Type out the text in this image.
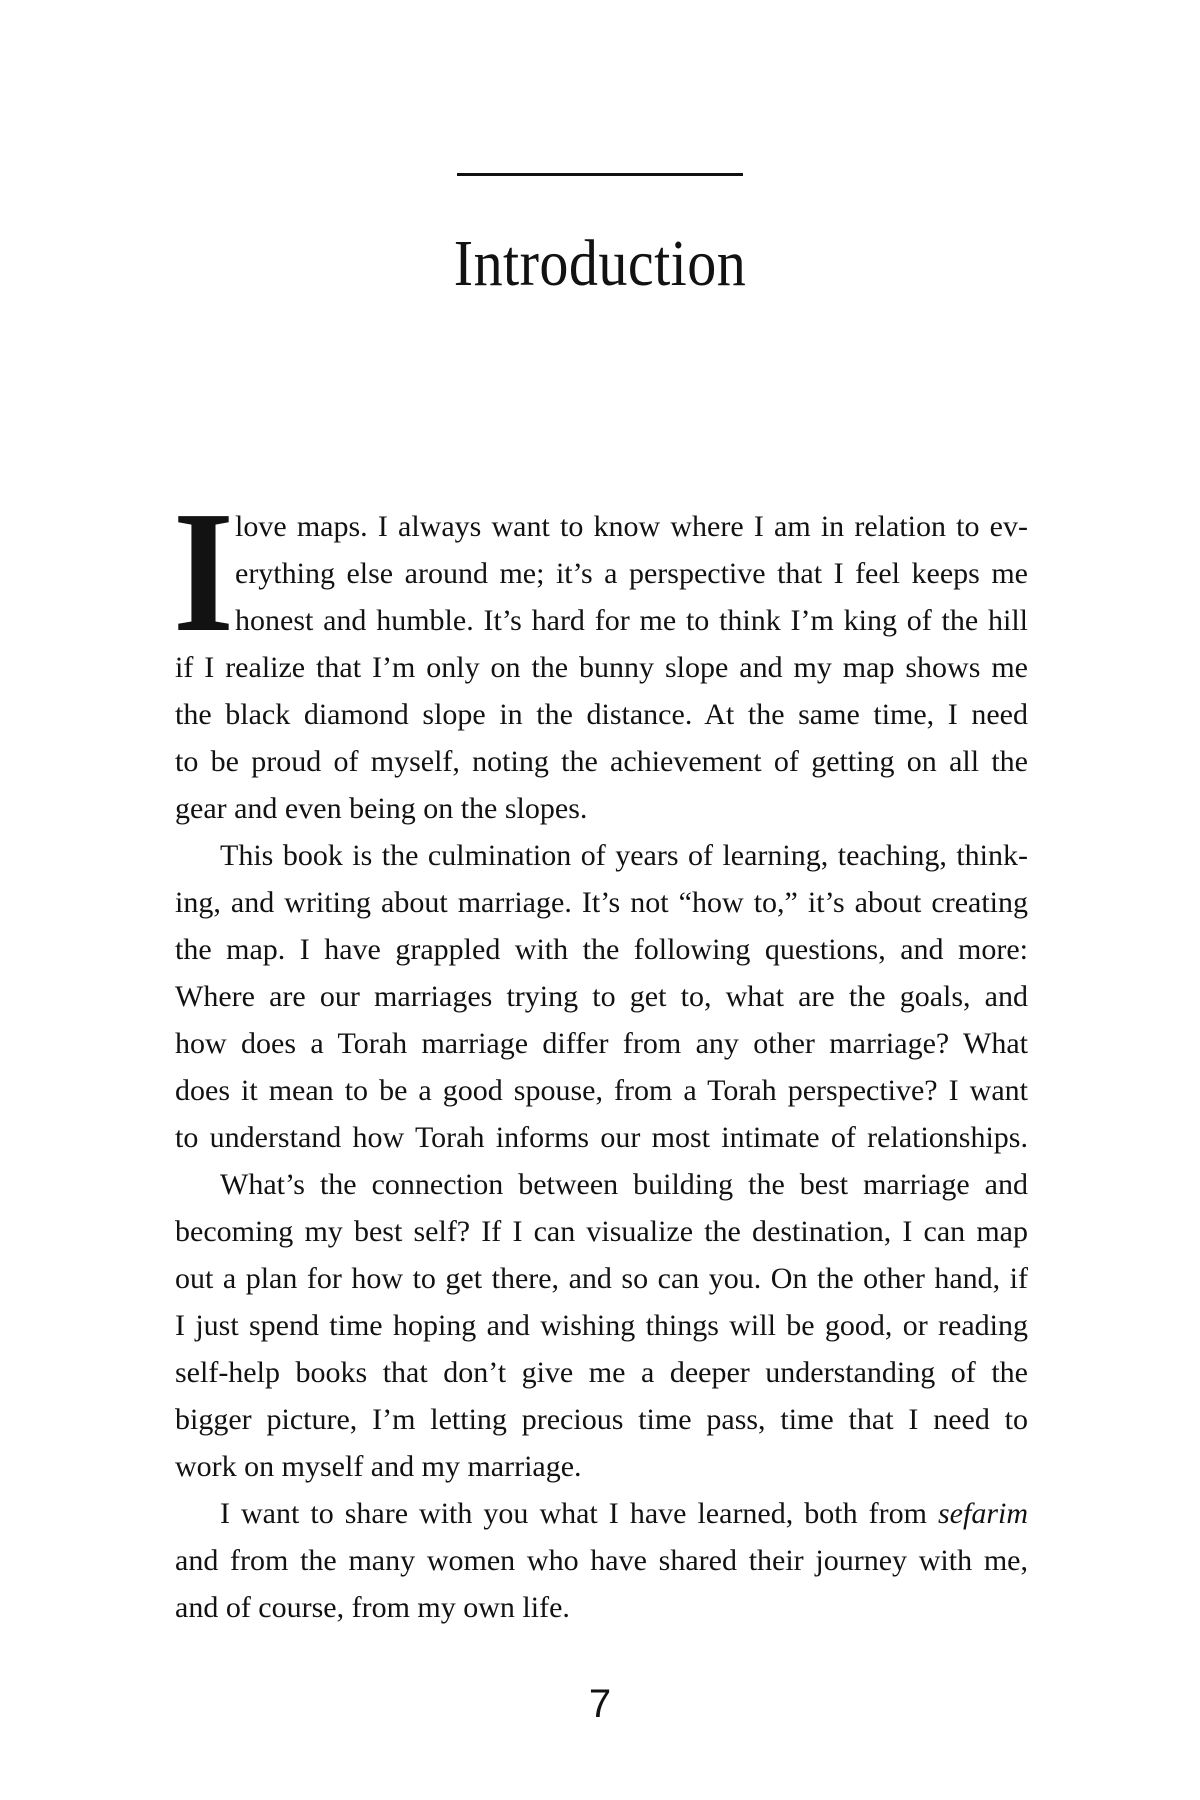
Introduction
I love maps. I always want to know where I am in relation to ev-
erything else around me; it’s a perspective that I feel keeps me
honest and humble. It’s hard for me to think I’m king of the hill
if I realize that I’m only on the bunny slope and my map shows me
the black diamond slope in the distance. At the same time, I need
to be proud of myself, noting the achievement of getting on all the
gear and even being on the slopes.
This book is the culmination of years of learning, teaching, think-
ing, and writing about marriage. It’s not “how to,” it’s about creating
the map. I have grappled with the following questions, and more:
Where are our marriages trying to get to, what are the goals, and
how does a Torah marriage differ from any other marriage? What
does it mean to be a good spouse, from a Torah perspective? I want
to understand how Torah informs our most intimate of relationships.
What’s the connection between building the best marriage and
becoming my best self? If I can visualize the destination, I can map
out a plan for how to get there, and so can you. On the other hand, if
I just spend time hoping and wishing things will be good, or reading
self-help books that don’t give me a deeper understanding of the
bigger picture, I’m letting precious time pass, time that I need to
work on myself and my marriage.
I want to share with you what I have learned, both from sefarim
and from the many women who have shared their journey with me,
and of course, from my own life.
7
